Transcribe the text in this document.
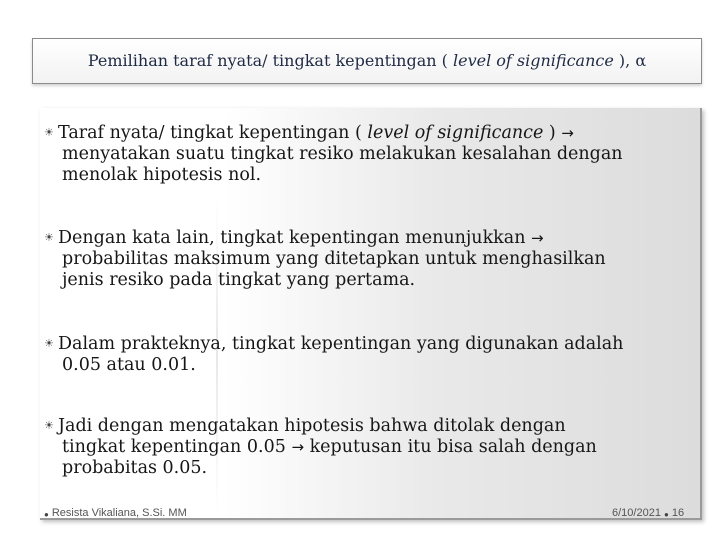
Pemilihan taraf nyata/ tingkat kepentingan ( level of significance ), α
☀ Taraf nyata/ tingkat kepentingan ( level of significance ) →
menyatakan suatu tingkat resiko melakukan kesalahan dengan
menolak hipotesis nol.
☀ Dengan kata lain, tingkat kepentingan menunjukkan →
probabilitas maksimum yang ditetapkan untuk menghasilkan
jenis resiko pada tingkat yang pertama.
☀ Dalam prakteknya, tingkat kepentingan yang digunakan adalah
0.05 atau 0.01.
☀ Jadi dengan mengatakan hipotesis bahwa ditolak dengan
tingkat kepentingan 0.05 → keputusan itu bisa salah dengan
probabitas 0.05.
● Resista Vikaliana, S.Si. MM	6/10/2021 ● 16
